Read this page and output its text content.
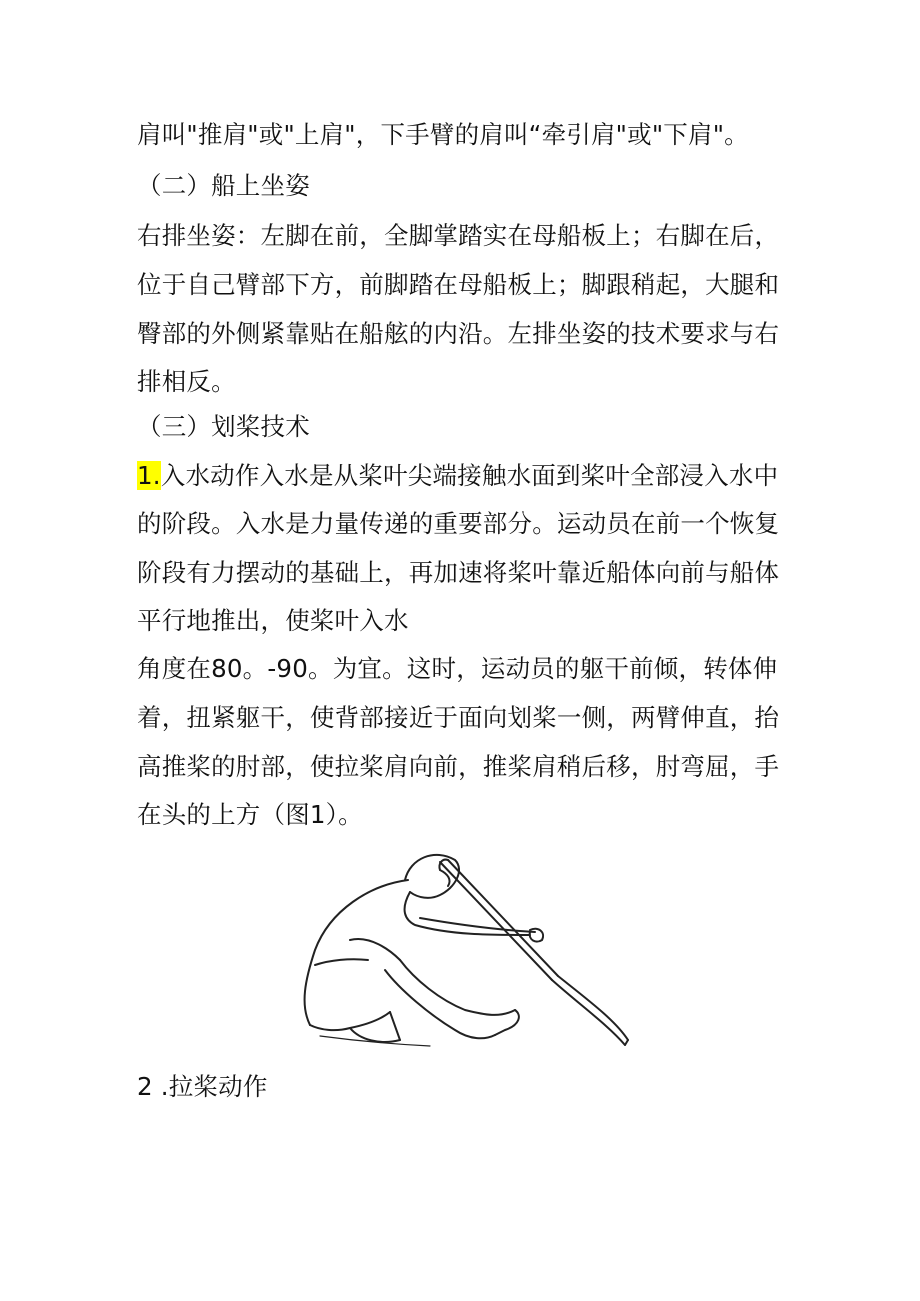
肩叫"推肩"或"上肩"，下手臂的肩叫“牵引肩"或"下肩"。
（二）船上坐姿
右排坐姿：左脚在前，全脚掌踏实在母船板上；右脚在后，
位于自己臂部下方，前脚踏在母船板上；脚跟稍起，大腿和
臀部的外侧紧靠贴在船舷的内沿。左排坐姿的技术要求与右
排相反。
（三）划桨技术
1.入水动作入水是从桨叶尖端接触水面到桨叶全部浸入水中
的阶段。入水是力量传递的重要部分。运动员在前一个恢复
阶段有力摆动的基础上，再加速将桨叶靠近船体向前与船体
平行地推出，使桨叶入水
角度在80。-90。为宜。这时，运动员的躯干前倾，转体伸
着，扭紧躯干，使背部接近于面向划桨一侧，两臂伸直，抬
高推桨的肘部，使拉桨肩向前，推桨肩稍后移，肘弯屈，手
在头的上方（图1）。
2 .拉桨动作
